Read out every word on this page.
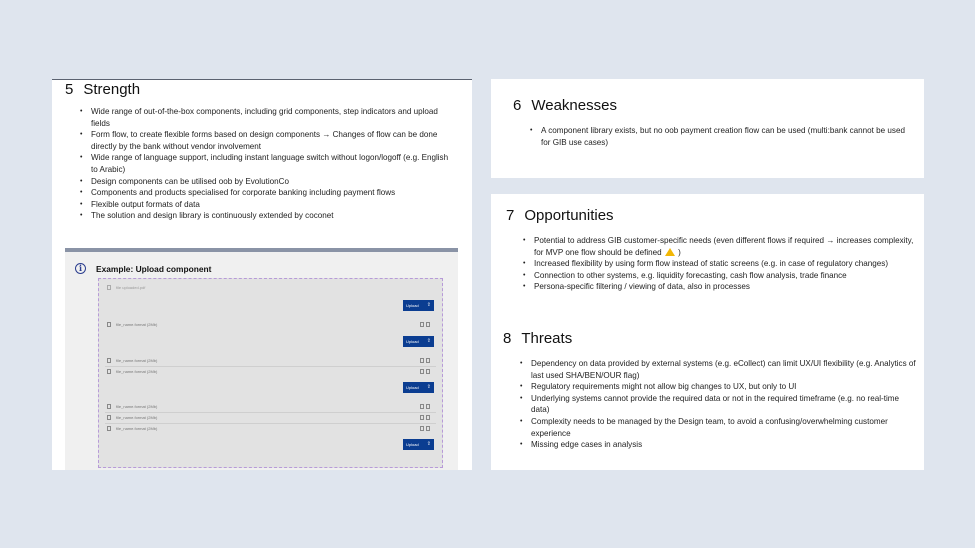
5 Strength
• Wide range of out-of-the-box components, including grid components, step indicators and upload fields
• Form flow, to create flexible forms based on design components → Changes of flow can be done directly by the bank without vendor involvement
• Wide range of language support, including instant language switch without logon/logoff (e.g. English to Arabic)
• Design components can be utilised oob by EvolutionCo
• Components and products specialised for corporate banking including payment flows
• Flexible output formats of data
• The solution and design library is continuously extended by coconet
i	Example: Upload component
file uploaded.pdf
Upload ⇪
file_name.format (2Mb)
Upload ⇪
file_name.format (2Mb)
file_name.format (2Mb)
Upload ⇪
file_name.format (2Mb)
file_name.format (2Mb)
file_name.format (2Mb)
Upload ⇪
6 Weaknesses
• A component library exists, but no oob payment creation flow can be used (multi:bank cannot be used for GIB use cases)
7 Opportunities
• Potential to address GIB customer-specific needs (even different flows if required → increases complexity, for MVP one flow should be defined )
• Increased flexibility by using form flow instead of static screens (e.g. in case of regulatory changes)
• Connection to other systems, e.g. liquidity forecasting, cash flow analysis, trade finance
• Persona-specific filtering / viewing of data, also in processes
8 Threats
• Dependency on data provided by external systems (e.g. eCollect) can limit UX/UI flexibility (e.g. Analytics of last used SHA/BEN/OUR flag)
• Regulatory requirements might not allow big changes to UX, but only to UI
• Underlying systems cannot provide the required data or not in the required timeframe (e.g. no real-time data)
• Complexity needs to be managed by the Design team, to avoid a confusing/overwhelming customer experience
• Missing edge cases in analysis
